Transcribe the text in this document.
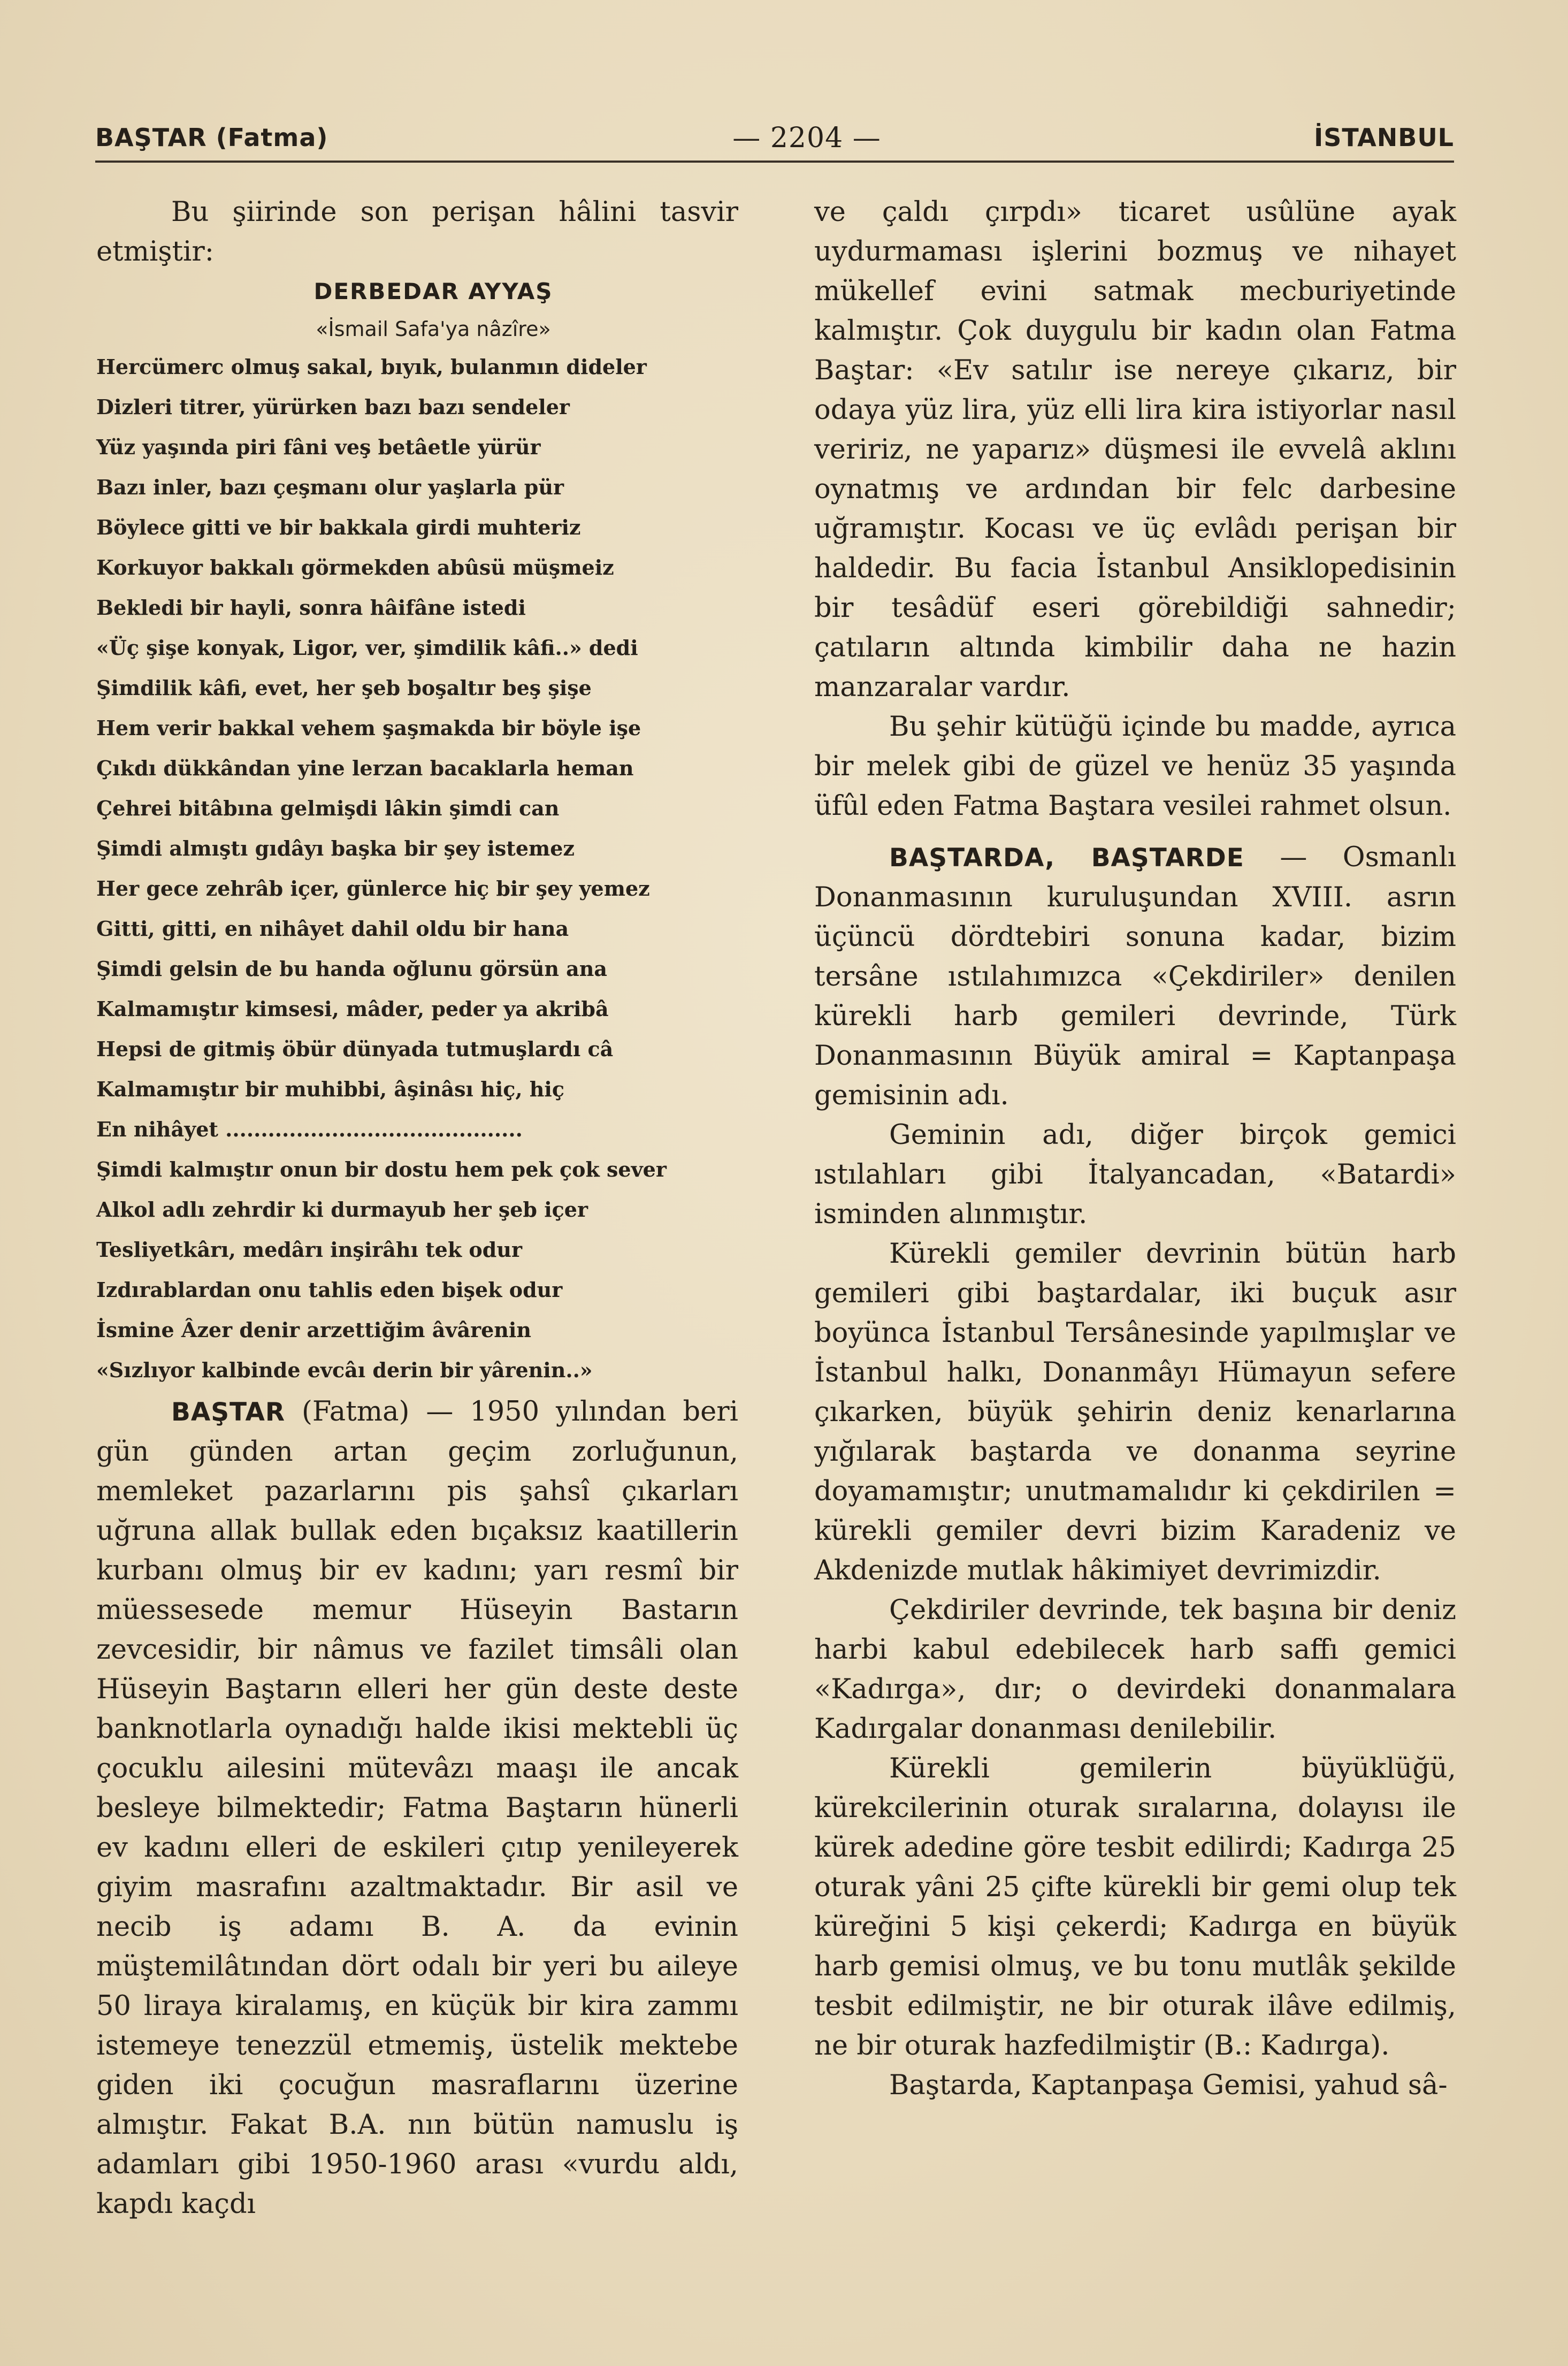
BAŞTAR (Fatma)	— 2204 —	İSTANBUL

Bu şiirinde son perişan hâlini tasvir etmiştir:

DERBEDAR AYYAŞ
«İsmail Safa'ya nâzîre»
Hercümerc olmuş sakal, bıyık, bulanmın dideler
Dizleri titrer, yürürken bazı bazı sendeler
Yüz yaşında piri fâni veş betâetle yürür
Bazı inler, bazı çeşmanı olur yaşlarla pür
Böylece gitti ve bir bakkala girdi muhteriz
Korkuyor bakkalı görmekden abûsü müşmeiz
Bekledi bir hayli, sonra hâifâne istedi
«Üç şişe konyak, Ligor, ver, şimdilik kâfi..» dedi
Şimdilik kâfi, evet, her şeb boşaltır beş şişe
Hem verir bakkal vehem şaşmakda bir böyle işe
Çıkdı dükkândan yine lerzan bacaklarla heman
Çehrei bitâbına gelmişdi lâkin şimdi can
Şimdi almıştı gıdâyı başka bir şey istemez
Her gece zehrâb içer, günlerce hiç bir şey yemez
Gitti, gitti, en nihâyet dahil oldu bir hana
Şimdi gelsin de bu handa oğlunu görsün ana
Kalmamıştır kimsesi, mâder, peder ya akribâ
Hepsi de gitmiş öbür dünyada tutmuşlardı câ
Kalmamıştır bir muhibbi, âşinâsı hiç, hiç
En nihâyet ..........................................
Şimdi kalmıştır onun bir dostu hem pek çok sever
Alkol adlı zehrdir ki durmayub her şeb içer
Tesliyetkârı, medârı inşirâhı tek odur
Izdırablardan onu tahlis eden bişek odur
İsmine Âzer denir arzettiğim âvârenin
«Sızlıyor kalbinde evcâı derin bir yârenin..»

BAŞTAR (Fatma) — 1950 yılından beri gün günden artan geçim zorluğunun, memleket pazarlarını pis şahsî çıkarları uğruna allak bullak eden bıçaksız kaatillerin kurbanı olmuş bir ev kadını; yarı resmî bir müessesede memur Hüseyin Bastarın zevcesidir, bir nâmus ve fazilet timsâli olan Hüseyin Baştarın elleri her gün deste deste banknotlarla oynadığı halde ikisi mektebli üç çocuklu ailesini mütevâzı maaşı ile ancak besleye bilmektedir; Fatma Baştarın hünerli ev kadını elleri de eskileri çıtıp yenileyerek giyim masrafını azaltmaktadır. Bir asil ve necib iş adamı B. A. da evinin müştemilâtından dört odalı bir yeri bu aileye 50 liraya kiralamış, en küçük bir kira zammı istemeye tenezzül etmemiş, üstelik mektebe giden iki çocuğun masraflarını üzerine almıştır. Fakat B.A. nın bütün namuslu iş adamları gibi 1950-1960 arası «vurdu aldı, kapdı kaçdı

ve çaldı çırpdı» ticaret usûlüne ayak uydurmaması işlerini bozmuş ve nihayet mükellef evini satmak mecburiyetinde kalmıştır. Çok duygulu bir kadın olan Fatma Baştar: «Ev satılır ise nereye çıkarız, bir odaya yüz lira, yüz elli lira kira istiyorlar nasıl veririz, ne yaparız» düşmesi ile evvelâ aklını oynatmış ve ardından bir felc darbesine uğramıştır. Kocası ve üç evlâdı perişan bir haldedir. Bu facia İstanbul Ansiklopedisinin bir tesâdüf eseri görebildiği sahnedir; çatıların altında kimbilir daha ne hazin manzaralar vardır.

Bu şehir kütüğü içinde bu madde, ayrıca bir melek gibi de güzel ve henüz 35 yaşında üfûl eden Fatma Baştara vesilei rahmet olsun.

BAŞTARDA, BAŞTARDE — Osmanlı Donanmasının kuruluşundan XVIII. asrın üçüncü dördtebiri sonuna kadar, bizim tersâne ıstılahımızca «Çekdiriler» denilen kürekli harb gemileri devrinde, Türk Donanmasının Büyük amiral = Kaptanpaşa gemisinin adı.

Geminin adı, diğer birçok gemici ıstılahları gibi İtalyancadan, «Batardi» isminden alınmıştır.

Kürekli gemiler devrinin bütün harb gemileri gibi baştardalar, iki buçuk asır boyünca İstanbul Tersânesinde yapılmışlar ve İstanbul halkı, Donanmâyı Hümayun sefere çıkarken, büyük şehirin deniz kenarlarına yığılarak baştarda ve donanma seyrine doyamamıştır; unutmamalıdır ki çekdirilen = kürekli gemiler devri bizim Karadeniz ve Akdenizde mutlak hâkimiyet devrimizdir.

Çekdiriler devrinde, tek başına bir deniz harbi kabul edebilecek harb saffı gemici «Kadırga», dır; o devirdeki donanmalara Kadırgalar donanması denilebilir.

Kürekli gemilerin büyüklüğü, kürekcilerinin oturak sıralarına, dolayısı ile kürek adedine göre tesbit edilirdi; Kadırga 25 oturak yâni 25 çifte kürekli bir gemi olup tek küreğini 5 kişi çekerdi; Kadırga en büyük harb gemisi olmuş, ve bu tonu mutlâk şekilde tesbit edilmiştir, ne bir oturak ilâve edilmiş, ne bir oturak hazfedilmiştir (B.: Kadırga).

Baştarda, Kaptanpaşa Gemisi, yahud sâ-
